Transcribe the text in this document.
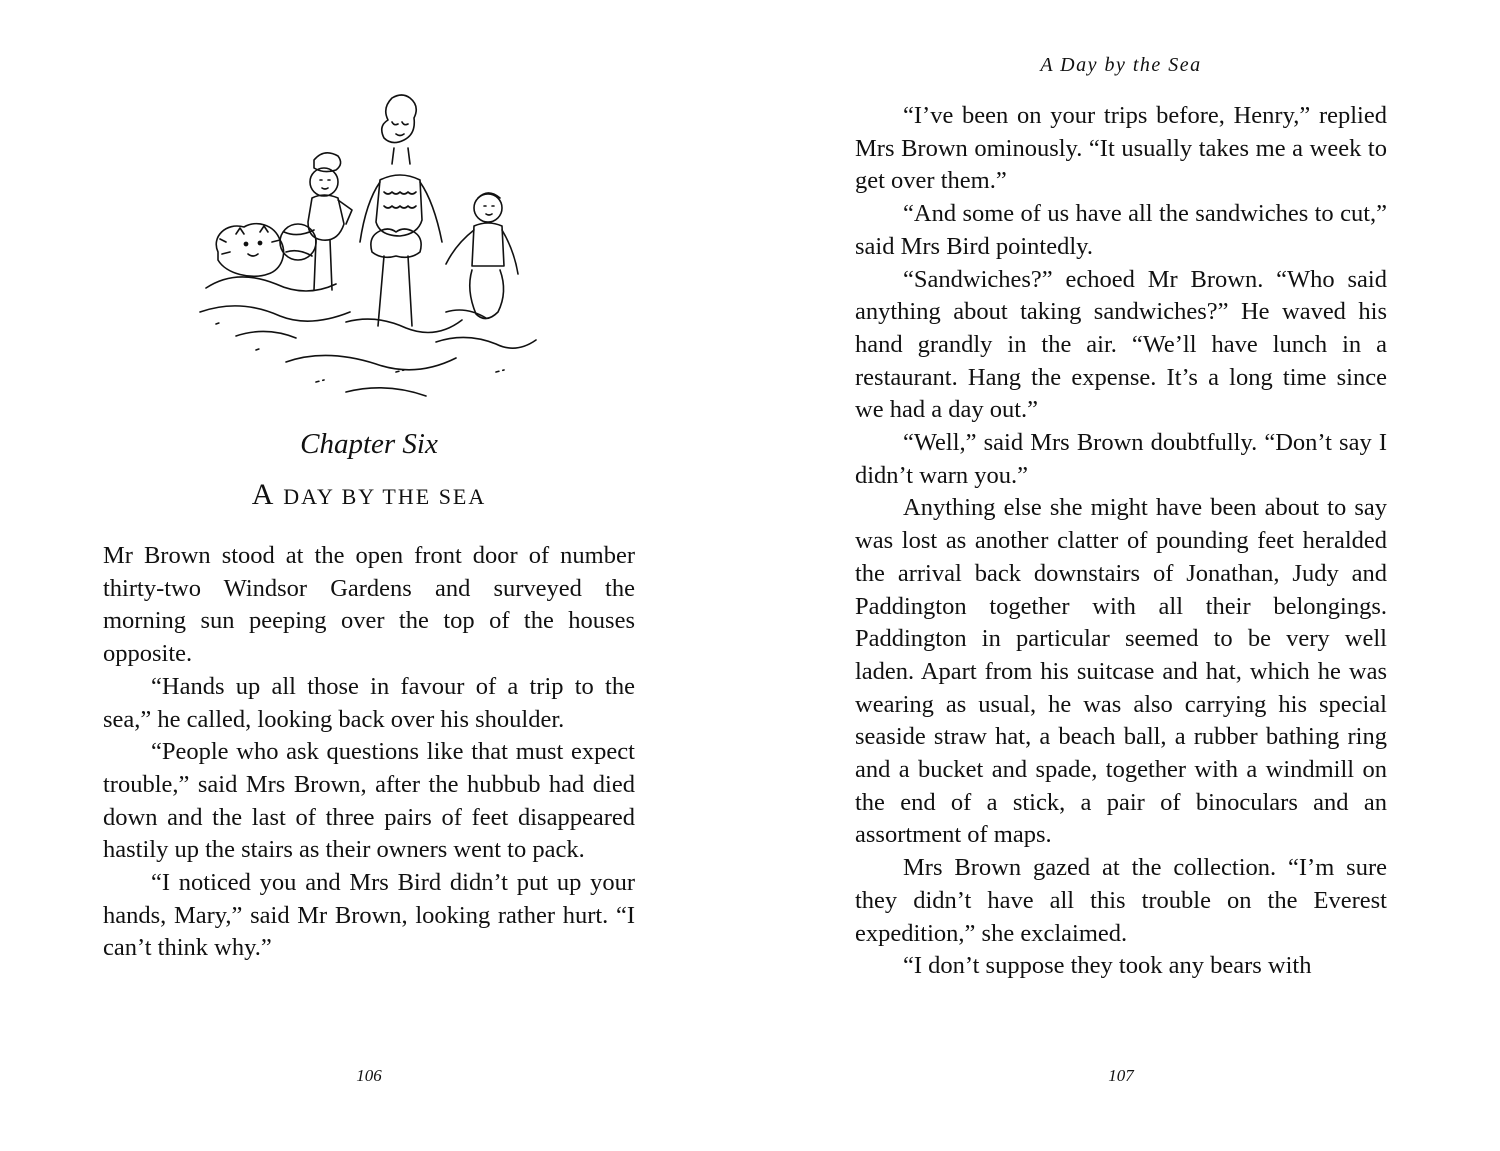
Chapter Six
A DAY BY THE SEA

Mr Brown stood at the open front door of number thirty-two Windsor Gardens and surveyed the morning sun peeping over the top of the houses opposite.

“Hands up all those in favour of a trip to the sea,” he called, looking back over his shoulder.

“People who ask questions like that must expect trouble,” said Mrs Brown, after the hubbub had died down and the last of three pairs of feet disappeared hastily up the stairs as their owners went to pack.

“I noticed you and Mrs Bird didn’t put up your hands, Mary,” said Mr Brown, looking rather hurt. “I can’t think why.”

106
A Day by the Sea

“I’ve been on your trips before, Henry,” replied Mrs Brown ominously. “It usually takes me a week to get over them.”

“And some of us have all the sandwiches to cut,” said Mrs Bird pointedly.

“Sandwiches?” echoed Mr Brown. “Who said anything about taking sandwiches?” He waved his hand grandly in the air. “We’ll have lunch in a restaurant. Hang the expense. It’s a long time since we had a day out.”

“Well,” said Mrs Brown doubtfully. “Don’t say I didn’t warn you.”

Anything else she might have been about to say was lost as another clatter of pounding feet heralded the arrival back downstairs of Jonathan, Judy and Paddington together with all their belongings. Paddington in particular seemed to be very well laden. Apart from his suitcase and hat, which he was wearing as usual, he was also carrying his special seaside straw hat, a beach ball, a rubber bathing ring and a bucket and spade, together with a windmill on the end of a stick, a pair of binoculars and an assortment of maps.

Mrs Brown gazed at the collection. “I’m sure they didn’t have all this trouble on the Everest expedition,” she exclaimed.

“I don’t suppose they took any bears with

107
